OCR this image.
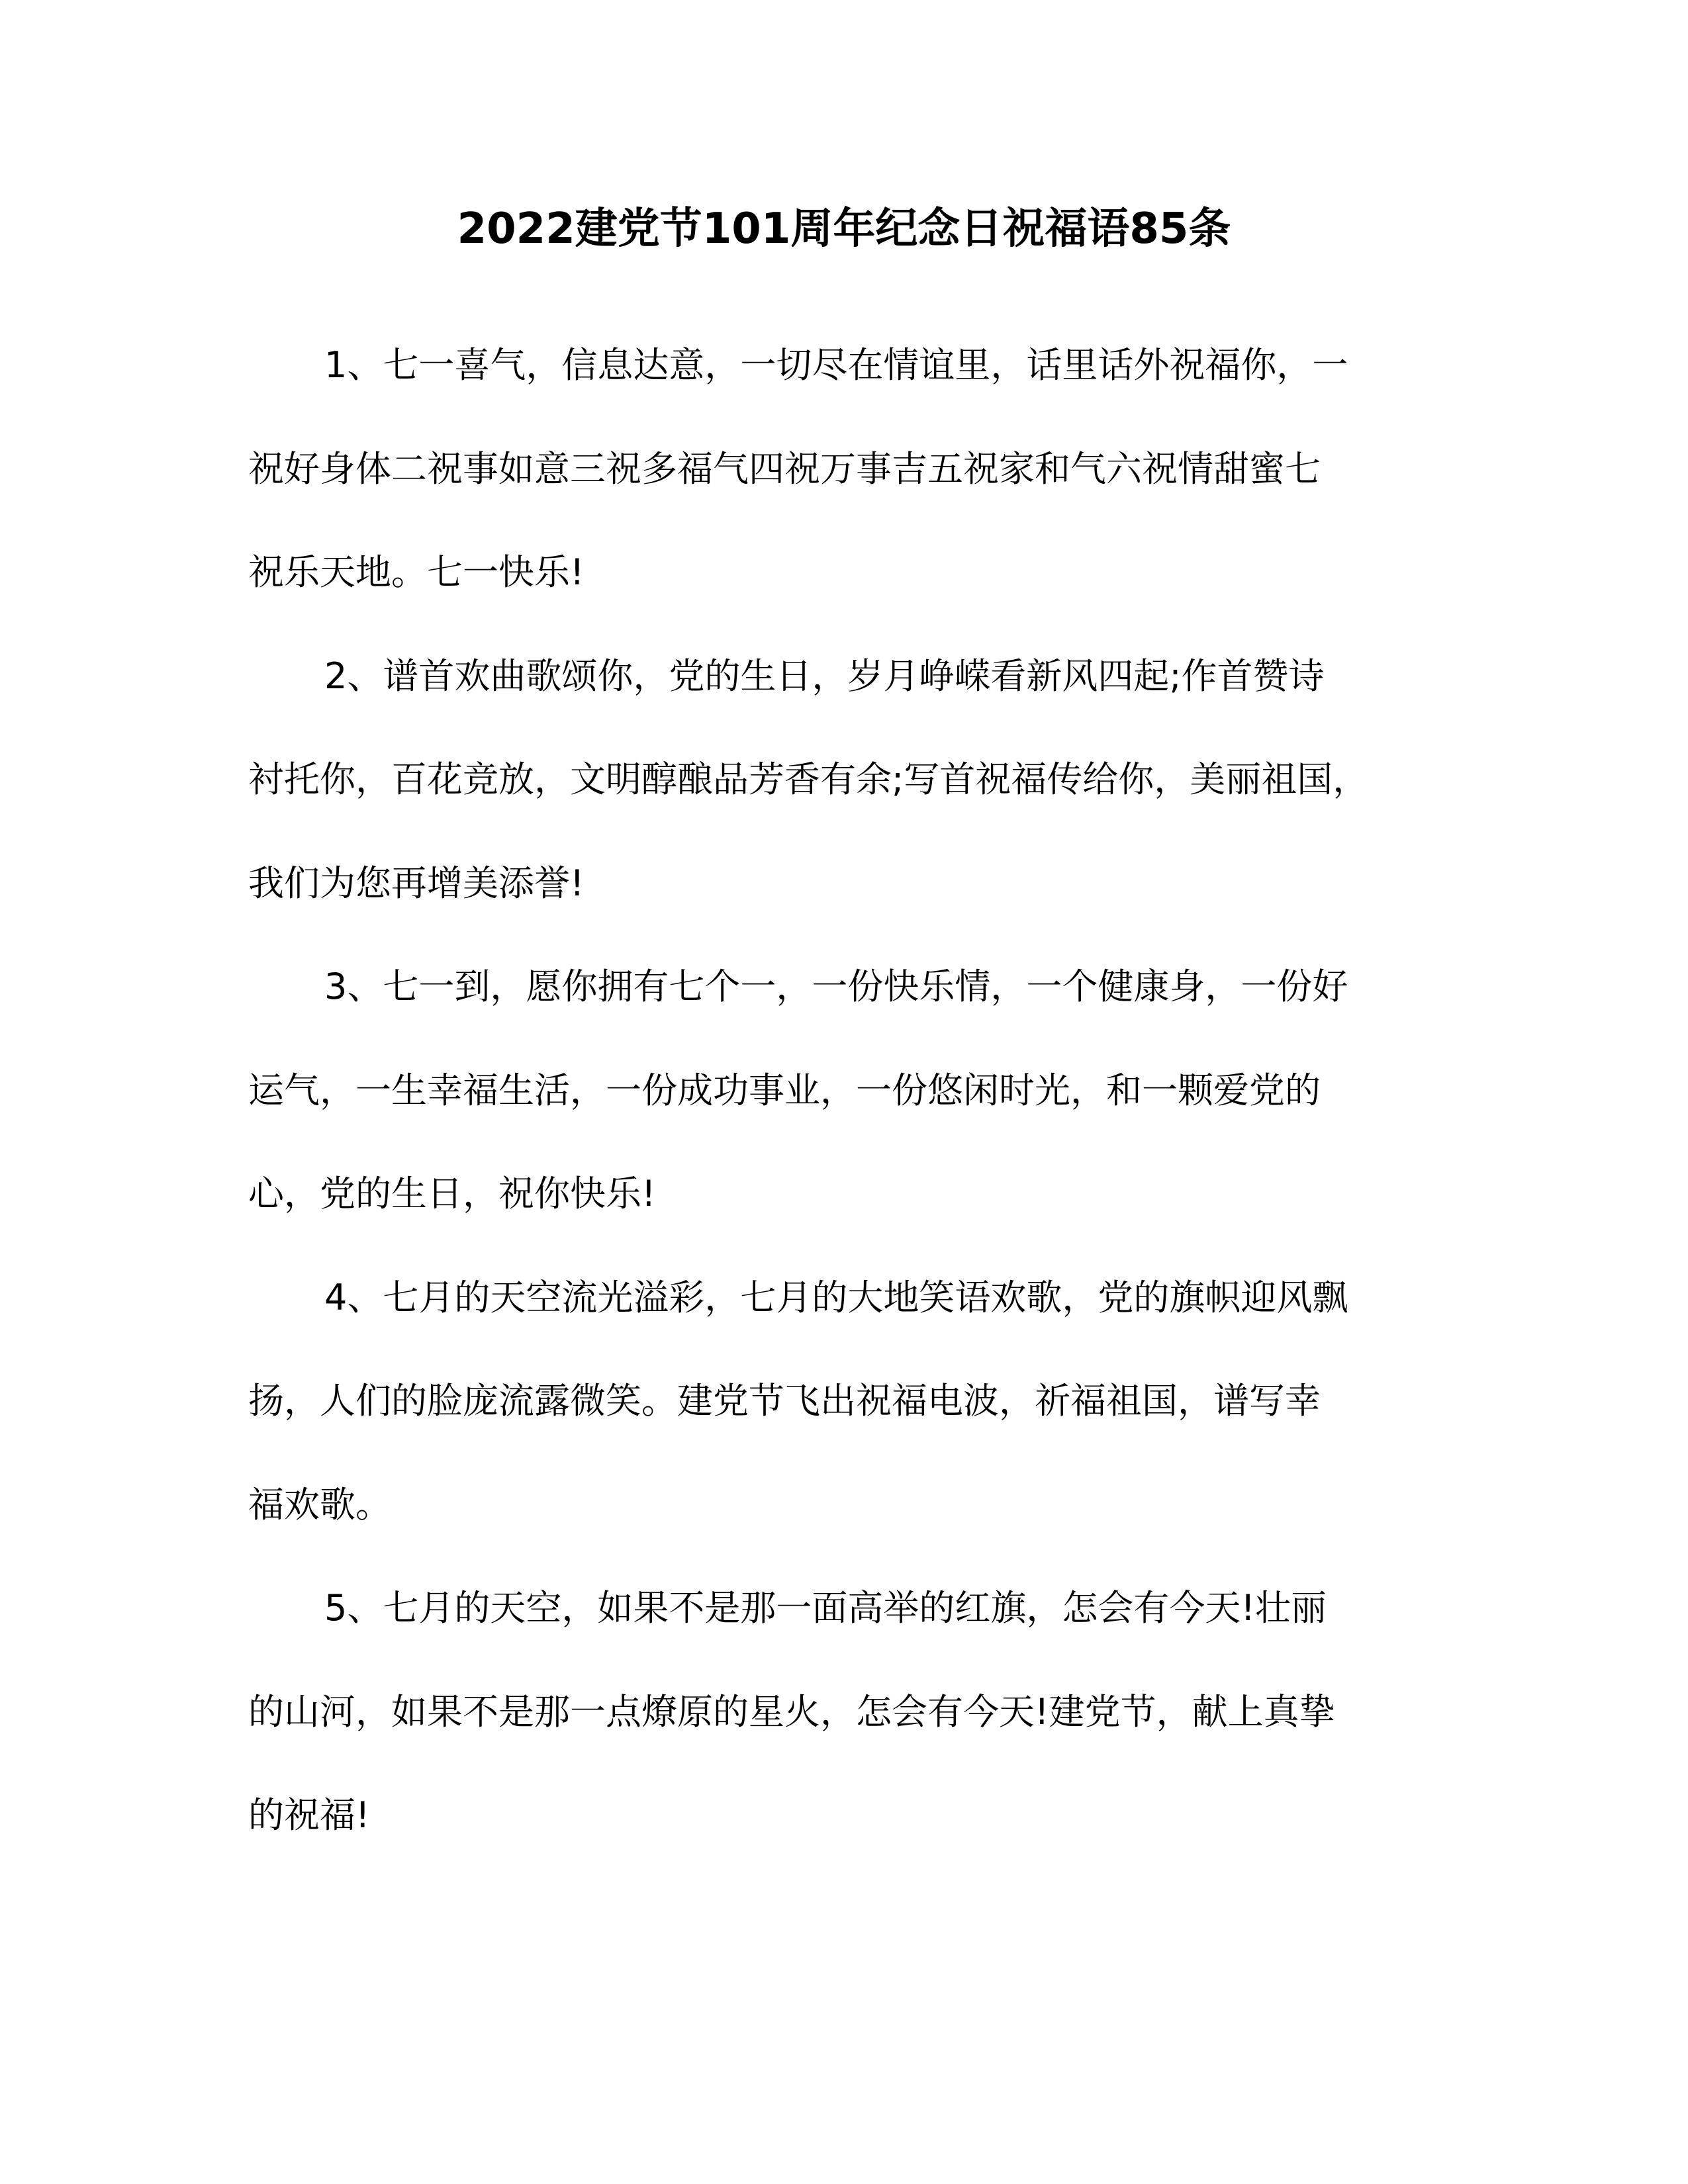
2022建党节101周年纪念日祝福语85条

1、七一喜气，信息达意，一切尽在情谊里，话里话外祝福你，一
祝好身体二祝事如意三祝多福气四祝万事吉五祝家和气六祝情甜蜜七
祝乐天地。七一快乐!

2、谱首欢曲歌颂你，党的生日，岁月峥嵘看新风四起;作首赞诗
衬托你，百花竞放，文明醇酿品芳香有余;写首祝福传给你，美丽祖国，
我们为您再增美添誉!

3、七一到，愿你拥有七个一，一份快乐情，一个健康身，一份好
运气，一生幸福生活，一份成功事业，一份悠闲时光，和一颗爱党的
心，党的生日，祝你快乐!

4、七月的天空流光溢彩，七月的大地笑语欢歌，党的旗帜迎风飘
扬，人们的脸庞流露微笑。建党节飞出祝福电波，祈福祖国，谱写幸
福欢歌。

5、七月的天空，如果不是那一面高举的红旗，怎会有今天!壮丽
的山河，如果不是那一点燎原的星火，怎会有今天!建党节，献上真挚
的祝福!
